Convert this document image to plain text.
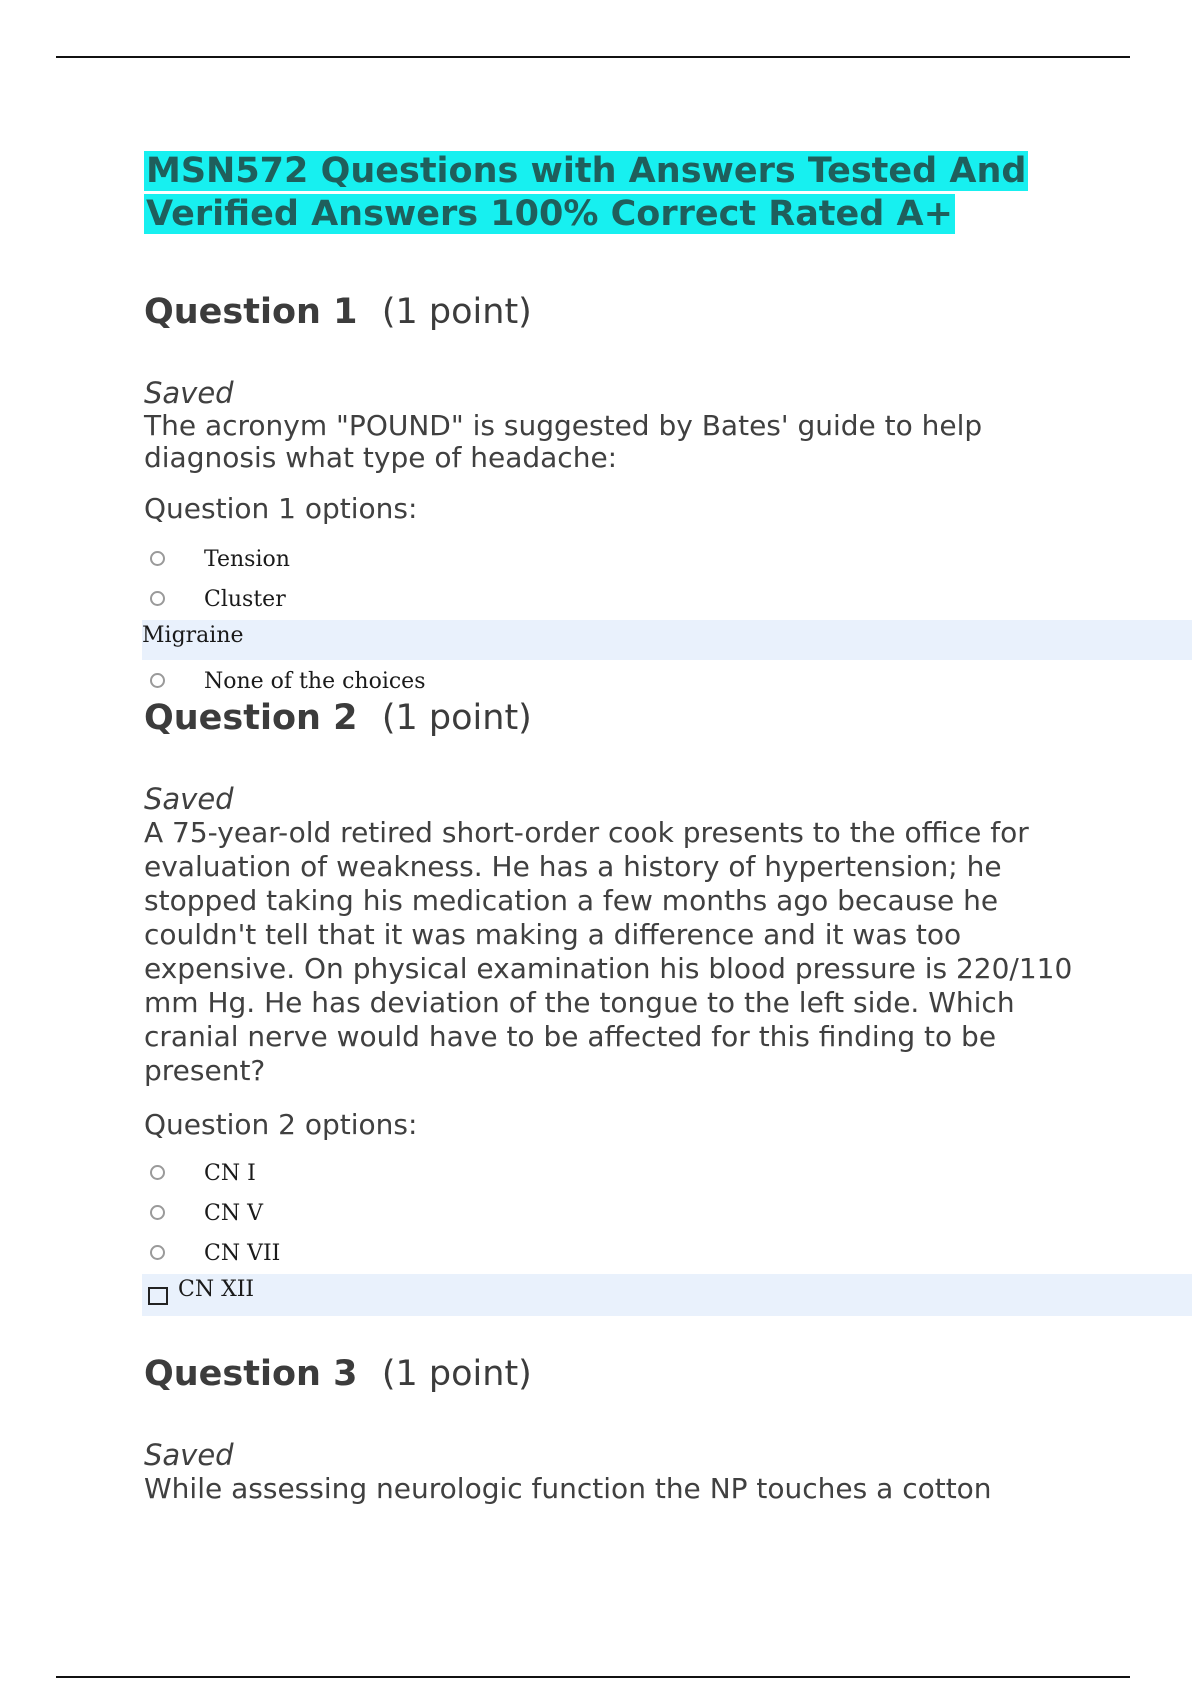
MSN572 Questions with Answers Tested And Verified Answers 100% Correct Rated A+
Question 1 (1 point)
Saved
The acronym "POUND" is suggested by Bates' guide to help diagnosis what type of headache:
Question 1 options:
Tension
Cluster
Migraine
None of the choices
Question 2 (1 point)
Saved
A 75-year-old retired short-order cook presents to the office for evaluation of weakness. He has a history of hypertension; he stopped taking his medication a few months ago because he couldn't tell that it was making a difference and it was too expensive. On physical examination his blood pressure is 220/110 mm Hg. He has deviation of the tongue to the left side. Which cranial nerve would have to be affected for this finding to be present?
Question 2 options:
CN I
CN V
CN VII
CN XII
Question 3 (1 point)
Saved
While assessing neurologic function the NP touches a cotton
